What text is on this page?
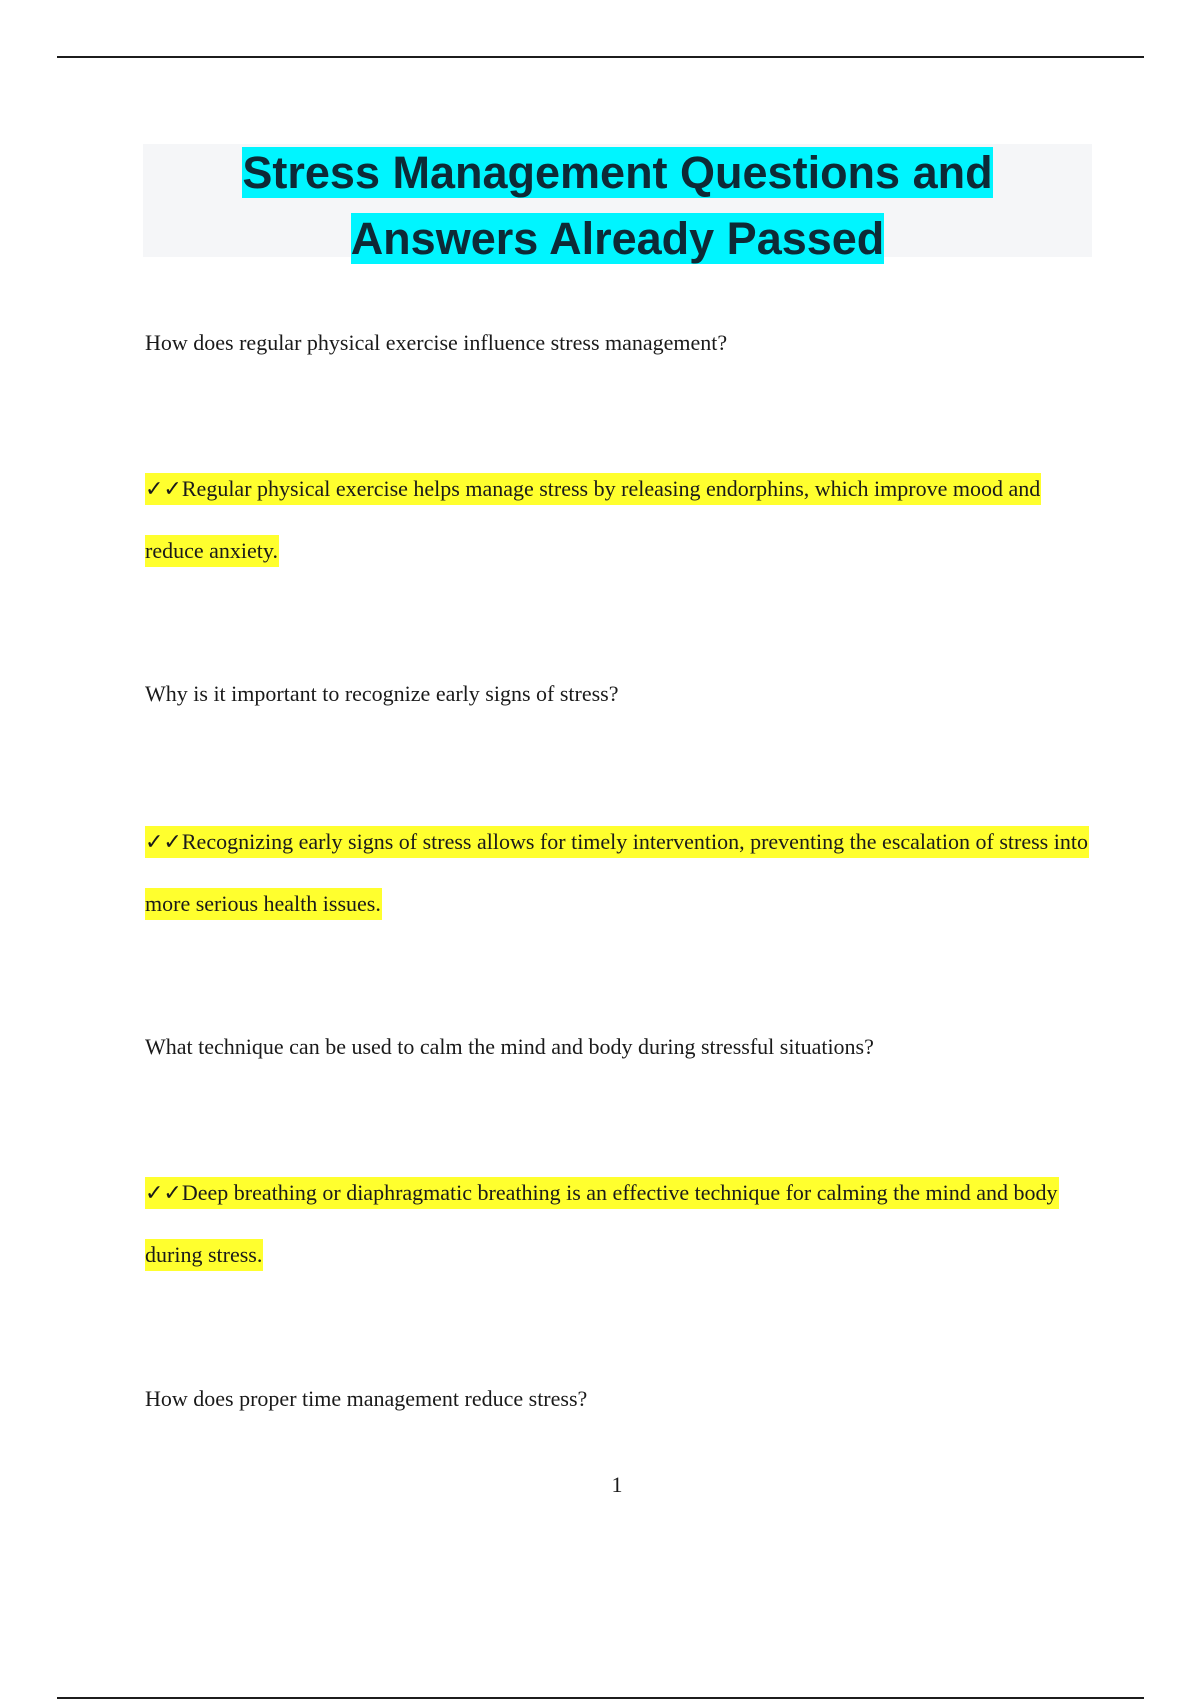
Stress Management Questions and
Answers Already Passed
How does regular physical exercise influence stress management?
✓✓Regular physical exercise helps manage stress by releasing endorphins, which improve mood and reduce anxiety.
Why is it important to recognize early signs of stress?
✓✓Recognizing early signs of stress allows for timely intervention, preventing the escalation of stress into more serious health issues.
What technique can be used to calm the mind and body during stressful situations?
✓✓Deep breathing or diaphragmatic breathing is an effective technique for calming the mind and body during stress.
How does proper time management reduce stress?
1
